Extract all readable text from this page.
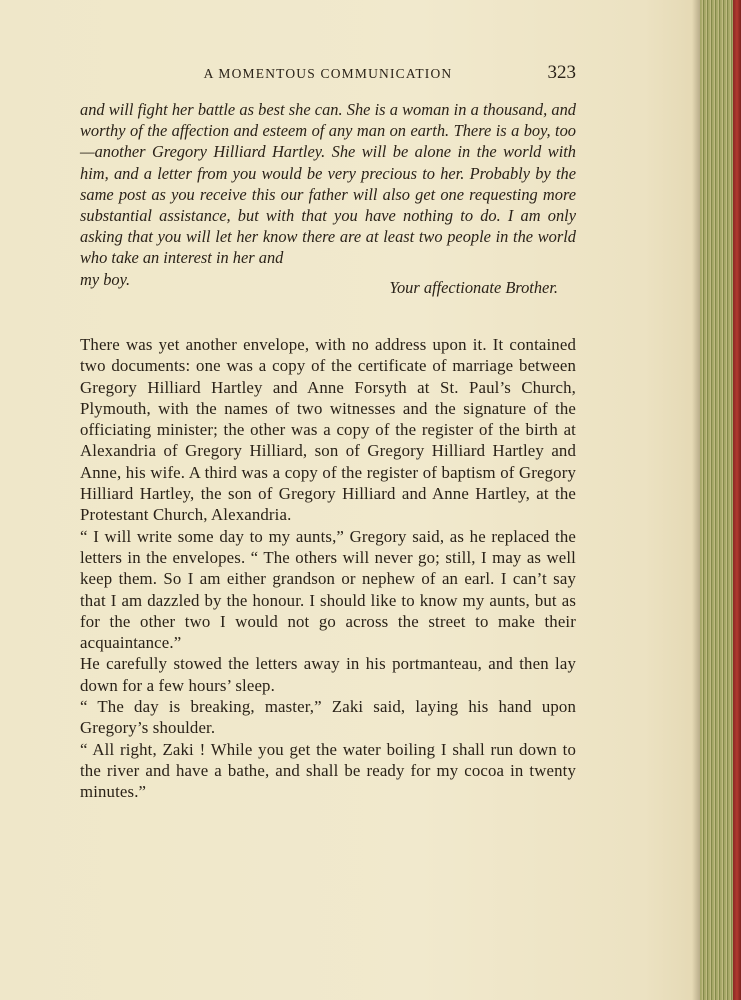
A MOMENTOUS COMMUNICATION	323
and will fight her battle as best she can. She is a woman in a thousand, and worthy of the affection and esteem of any man on earth. There is a boy, too—another Gregory Hilliard Hartley. She will be alone in the world with him, and a letter from you would be very precious to her. Probably by the same post as you receive this our father will also get one requesting more substantial assistance, but with that you have nothing to do. I am only asking that you will let her know there are at least two people in the world who take an interest in her and
my boy.	Your affectionate Brother.

There was yet another envelope, with no address upon it. It contained two documents: one was a copy of the certificate of marriage between Gregory Hilliard Hartley and Anne Forsyth at St. Paul’s Church, Plymouth, with the names of two witnesses and the signature of the officiating minister; the other was a copy of the register of the birth at Alexandria of Gregory Hilliard, son of Gregory Hilliard Hartley and Anne, his wife. A third was a copy of the register of baptism of Gregory Hilliard Hartley, the son of Gregory Hilliard and Anne Hartley, at the Protestant Church, Alexandria.

“ I will write some day to my aunts,” Gregory said, as he replaced the letters in the envelopes. “ The others will never go; still, I may as well keep them. So I am either grandson or nephew of an earl. I can’t say that I am dazzled by the honour. I should like to know my aunts, but as for the other two I would not go across the street to make their acquaintance.”

He carefully stowed the letters away in his portmanteau, and then lay down for a few hours’ sleep.

“ The day is breaking, master,” Zaki said, laying his hand upon Gregory’s shoulder.

“ All right, Zaki ! While you get the water boiling I shall run down to the river and have a bathe, and shall be ready for my cocoa in twenty minutes.”
